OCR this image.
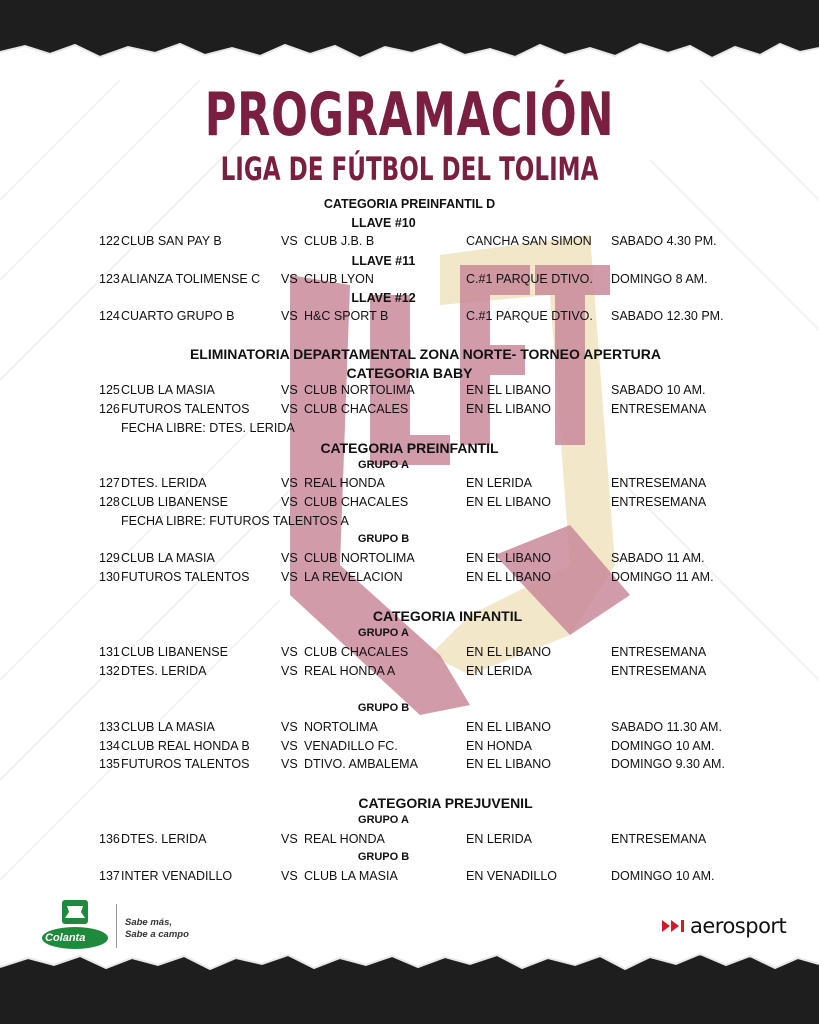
PROGRAMACIÓN
LIGA DE FÚTBOL DEL TOLIMA
CATEGORIA PREINFANTIL D
LLAVE #10
122 CLUB SAN PAY B	VS CLUB J.B. B	CANCHA SAN SIMON SABADO 4.30 PM.
LLAVE #11
123 ALIANZA TOLIMENSE C VS CLUB LYON	C.#1 PARQUE DTIVO. DOMINGO 8 AM.
LLAVE #12
124 CUARTO GRUPO B	VS H&C SPORT B	C.#1 PARQUE DTIVO. SABADO 12.30 PM.
ELIMINATORIA DEPARTAMENTAL ZONA NORTE- TORNEO APERTURA
CATEGORIA BABY
125 CLUB LA MASIA	VS CLUB NORTOLIMA	EN EL LIBANO	SABADO 10 AM.
126 FUTUROS TALENTOS	VS CLUB CHACALES	EN EL LIBANO	ENTRESEMANA
FECHA LIBRE: DTES. LERIDA
CATEGORIA PREINFANTIL
GRUPO A
127 DTES. LERIDA	VS REAL HONDA	EN LERIDA	ENTRESEMANA
128 CLUB LIBANENSE	VS CLUB CHACALES	EN EL LIBANO	ENTRESEMANA
FECHA LIBRE: FUTUROS TALENTOS A
GRUPO B
129 CLUB LA MASIA	VS CLUB NORTOLIMA	EN EL LIBANO	SABADO 11 AM.
130 FUTUROS TALENTOS	VS LA REVELACION	EN EL LIBANO	DOMINGO 11 AM.
CATEGORIA INFANTIL
GRUPO A
131 CLUB LIBANENSE	VS CLUB CHACALES	EN EL LIBANO	ENTRESEMANA
132 DTES. LERIDA	VS REAL HONDA A	EN LERIDA	ENTRESEMANA
GRUPO B
133 CLUB LA MASIA	VS NORTOLIMA	EN EL LIBANO	SABADO 11.30 AM.
134 CLUB REAL HONDA B	VS VENADILLO FC.	EN HONDA	DOMINGO 10 AM.
135 FUTUROS TALENTOS	VS DTIVO. AMBALEMA	EN EL LIBANO	DOMINGO 9.30 AM.
CATEGORIA PREJUVENIL
GRUPO A
136 DTES. LERIDA	VS REAL HONDA	EN LERIDA	ENTRESEMANA
GRUPO B
137 INTER VENADILLO	VS CLUB LA MASIA	EN VENADILLO	DOMINGO 10 AM.
Colanta
Sabe más,
Sabe a campo	aerosport
